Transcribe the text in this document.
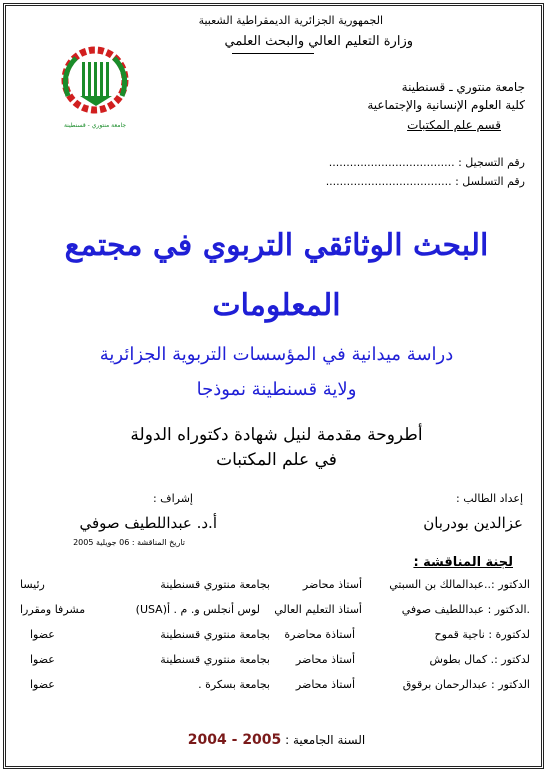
الجمهورية الجزائرية الديمقراطية الشعبية
وزارة التعليم العالي والبحث العلمي
جامعة منتوري - قسنطينة
جامعة منتوري ـ قسنطينة
كلية العلوم الإنسانية والإجتماعية
قسم علم المكتبات
رقم التسجيل : ....................................
رقم التسلسل : ....................................
البحث الوثائقي التربوي في مجتمع
المعلومات
دراسة ميدانية في المؤسسات التربوية الجزائرية
ولاية قسنطينة نموذجا
أطروحة مقدمة لنيل شهادة دكتوراه الدولة
في علم المكتبات
إعداد الطالب :
إشراف :
عزالدين بودربان
أ.د. عبداللطيف صوفي
تاريخ المناقشة : 06 جويلية 2005
لجنة المناقشة :
الدكتور :..عبدالمالك بن السبتي
أستاذ محاضر
بجامعة منتوري قسنطينة
رئيسا
.الدكتور : عبداللطيف صوفي
أستاذ التعليم العالي
لوس أنجلس و. م . أ(USA)
مشرفا ومقررا
لدكتورة : ناجية قموح
أستاذة محاضرة
بجامعة منتوري قسنطينة
عضوا
لدكتور :. كمال بطوش
أستاذ محاضر
بجامعة منتوري قسنطينة
عضوا
الدكتور : عبدالرحمان برقوق
أستاذ محاضر
بجامعة بسكرة .
عضوا
السنة الجامعية : 2005 - 2004
